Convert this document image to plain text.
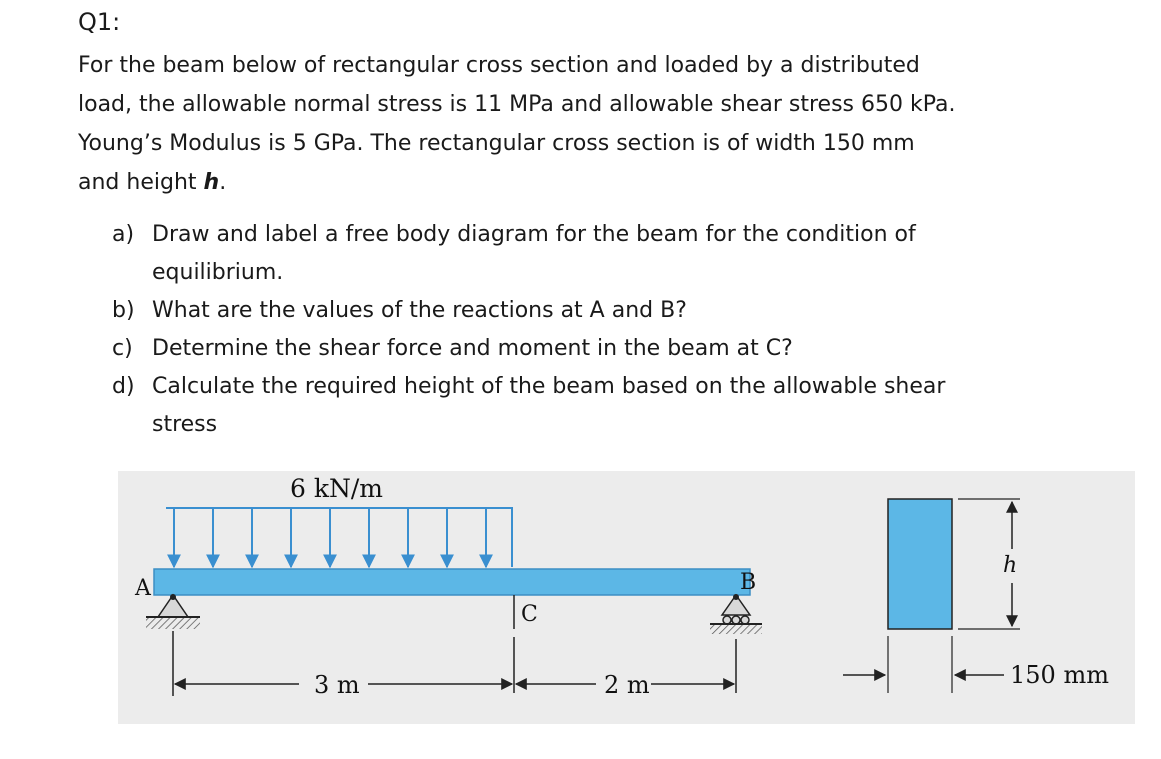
Q1:
For the beam below of rectangular cross section and loaded by a distributed
load, the allowable normal stress is 11 MPa and allowable shear stress 650 kPa.
Young’s Modulus is 5 GPa. The rectangular cross section is of width 150 mm
and height h.
a) Draw and label a free body diagram for the beam for the condition of
equilibrium.
b) What are the values of the reactions at A and B?
c) Determine the shear force and moment in the beam at C?
d) Calculate the required height of the beam based on the allowable shear
stress
6 kN/m
A	B
C
3 m	2 m
h
150 mm
